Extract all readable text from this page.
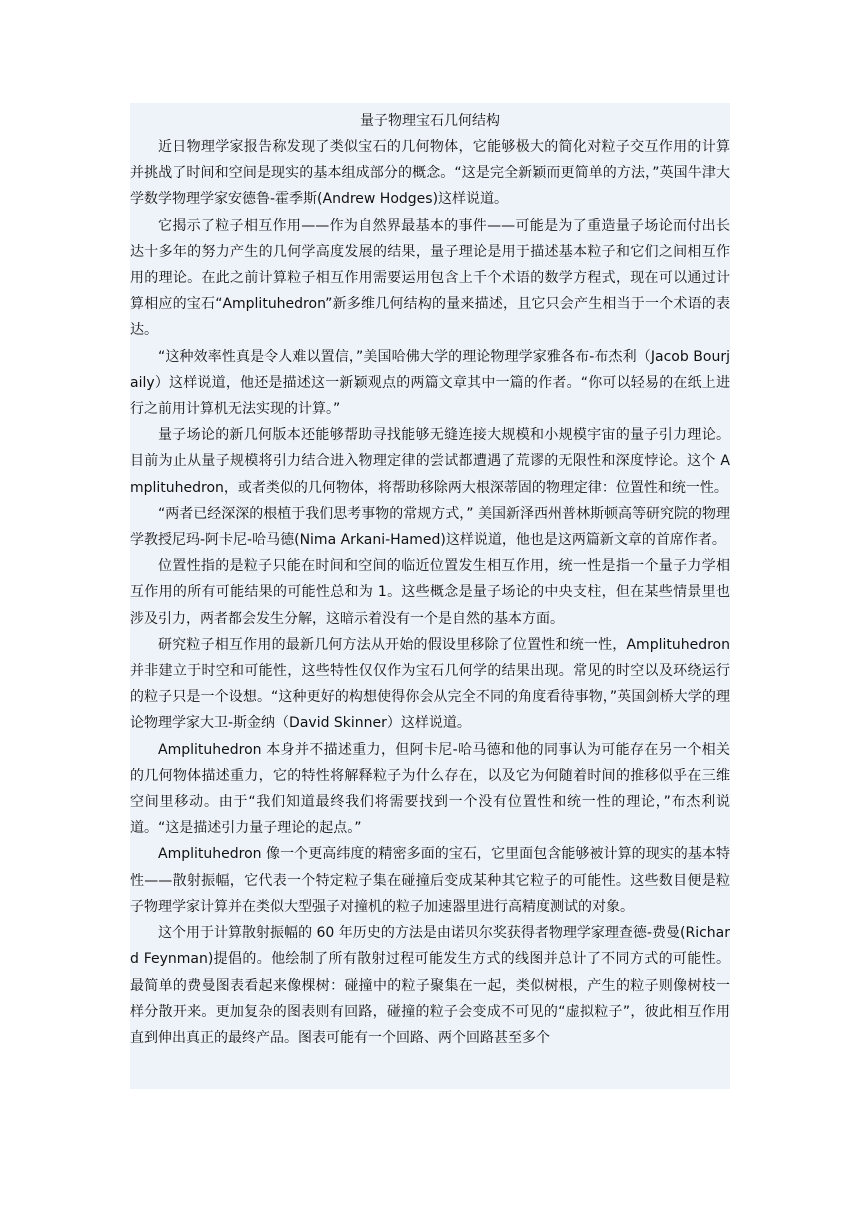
量子物理宝石几何结构

近日物理学家报告称发现了类似宝石的几何物体，它能够极大的简化对粒子交互作用的计算并挑战了时间和空间是现实的基本组成部分的概念。“这是完全新颖而更简单的方法，”英国牛津大学数学物理学家安德鲁-霍季斯(Andrew Hodges)这样说道。

它揭示了粒子相互作用——作为自然界最基本的事件——可能是为了重造量子场论而付出长达十多年的努力产生的几何学高度发展的结果，量子理论是用于描述基本粒子和它们之间相互作用的理论。在此之前计算粒子相互作用需要运用包含上千个术语的数学方程式，现在可以通过计算相应的宝石“Amplituhedron”新多维几何结构的量来描述，且它只会产生相当于一个术语的表达。

“这种效率性真是令人难以置信，”美国哈佛大学的理论物理学家雅各布-布杰利（Jacob Bourjaily）这样说道，他还是描述这一新颖观点的两篇文章其中一篇的作者。“你可以轻易的在纸上进行之前用计算机无法实现的计算。”

量子场论的新几何版本还能够帮助寻找能够无缝连接大规模和小规模宇宙的量子引力理论。目前为止从量子规模将引力结合进入物理定律的尝试都遭遇了荒谬的无限性和深度悖论。这个 Amplituhedron，或者类似的几何物体，将帮助移除两大根深蒂固的物理定律：位置性和统一性。

“两者已经深深的根植于我们思考事物的常规方式，” 美国新泽西州普林斯顿高等研究院的物理学教授尼玛-阿卡尼-哈马德(Nima Arkani-Hamed)这样说道，他也是这两篇新文章的首席作者。

位置性指的是粒子只能在时间和空间的临近位置发生相互作用，统一性是指一个量子力学相互作用的所有可能结果的可能性总和为 1。这些概念是量子场论的中央支柱，但在某些情景里也涉及引力，两者都会发生分解，这暗示着没有一个是自然的基本方面。

研究粒子相互作用的最新几何方法从开始的假设里移除了位置性和统一性，Amplituhedron 并非建立于时空和可能性，这些特性仅仅作为宝石几何学的结果出现。常见的时空以及环绕运行的粒子只是一个设想。“这种更好的构想使得你会从完全不同的角度看待事物，”英国剑桥大学的理论物理学家大卫-斯金纳（David Skinner）这样说道。

Amplituhedron 本身并不描述重力，但阿卡尼-哈马德和他的同事认为可能存在另一个相关的几何物体描述重力，它的特性将解释粒子为什么存在，以及它为何随着时间的推移似乎在三维空间里移动。由于“我们知道最终我们将需要找到一个没有位置性和统一性的理论，”布杰利说道。“这是描述引力量子理论的起点。”

Amplituhedron 像一个更高纬度的精密多面的宝石，它里面包含能够被计算的现实的基本特性——散射振幅，它代表一个特定粒子集在碰撞后变成某种其它粒子的可能性。这些数目便是粒子物理学家计算并在类似大型强子对撞机的粒子加速器里进行高精度测试的对象。

这个用于计算散射振幅的 60 年历史的方法是由诺贝尔奖获得者物理学家理查德-费曼(Richard Feynman)提倡的。他绘制了所有散射过程可能发生方式的线图并总计了不同方式的可能性。最简单的费曼图表看起来像棵树：碰撞中的粒子聚集在一起，类似树根，产生的粒子则像树枝一样分散开来。更加复杂的图表则有回路，碰撞的粒子会变成不可见的“虚拟粒子”，彼此相互作用直到伸出真正的最终产品。图表可能有一个回路、两个回路甚至多个
